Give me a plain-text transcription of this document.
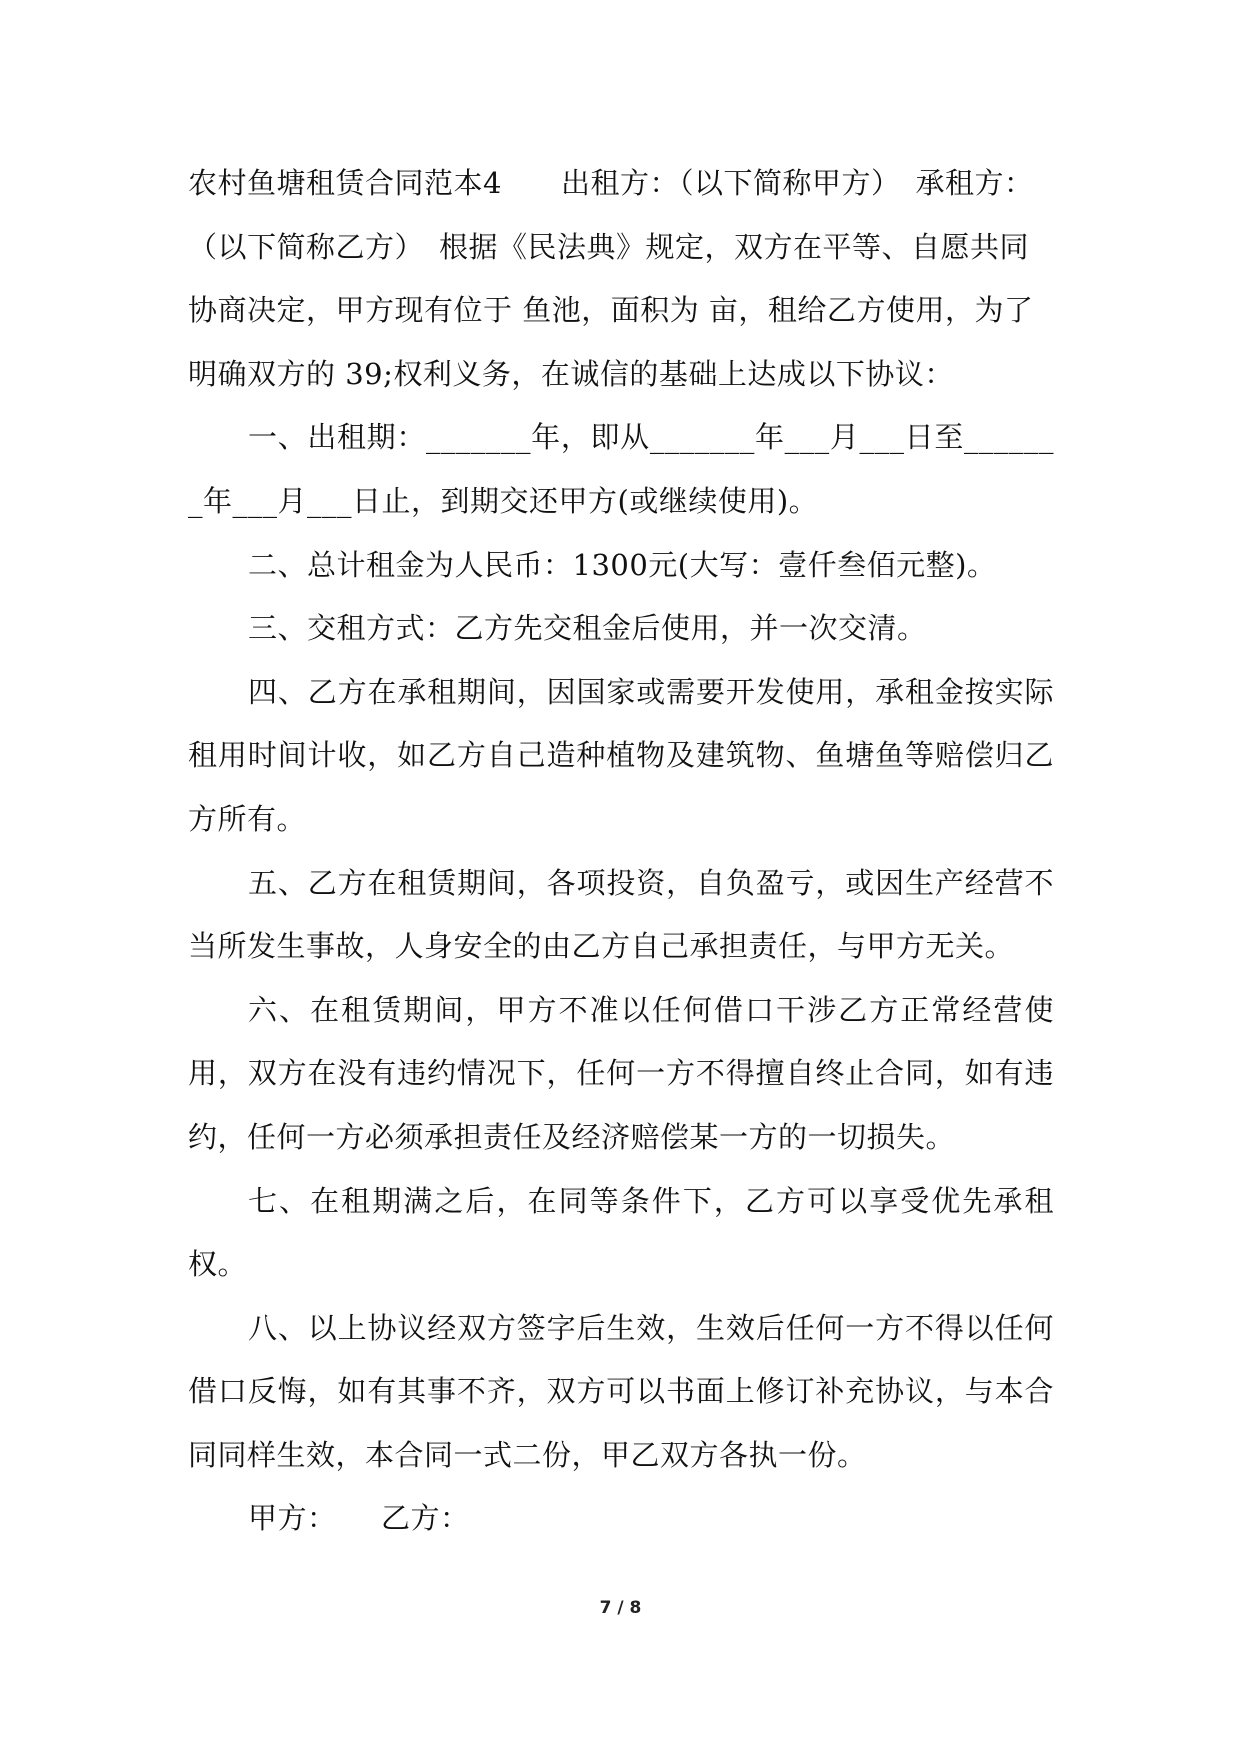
农村鱼塘租赁合同范本4　　出租方：（以下简称甲方）　承租方：（以下简称乙方）　根据《民法典》规定，双方在平等、自愿共同协商决定，甲方现有位于 鱼池，面积为 亩，租给乙方使用，为了明确双方的 39;权利义务，在诚信的基础上达成以下协议：

一、出租期：_______年，即从_______年___月___日至_______年___月___日止，到期交还甲方(或继续使用)。

二、总计租金为人民币：1300元(大写：壹仟叁佰元整)。

三、交租方式：乙方先交租金后使用，并一次交清。

四、乙方在承租期间，因国家或需要开发使用，承租金按实际租用时间计收，如乙方自己造种植物及建筑物、鱼塘鱼等赔偿归乙方所有。

五、乙方在租赁期间，各项投资，自负盈亏，或因生产经营不当所发生事故，人身安全的由乙方自己承担责任，与甲方无关。

六、在租赁期间，甲方不准以任何借口干涉乙方正常经营使用，双方在没有违约情况下，任何一方不得擅自终止合同，如有违约，任何一方必须承担责任及经济赔偿某一方的一切损失。

七、在租期满之后，在同等条件下，乙方可以享受优先承租权。

八、以上协议经双方签字后生效，生效后任何一方不得以任何借口反悔，如有其事不齐，双方可以书面上修订补充协议，与本合同同样生效，本合同一式二份，甲乙双方各执一份。

甲方：　　乙方：

7 / 8
